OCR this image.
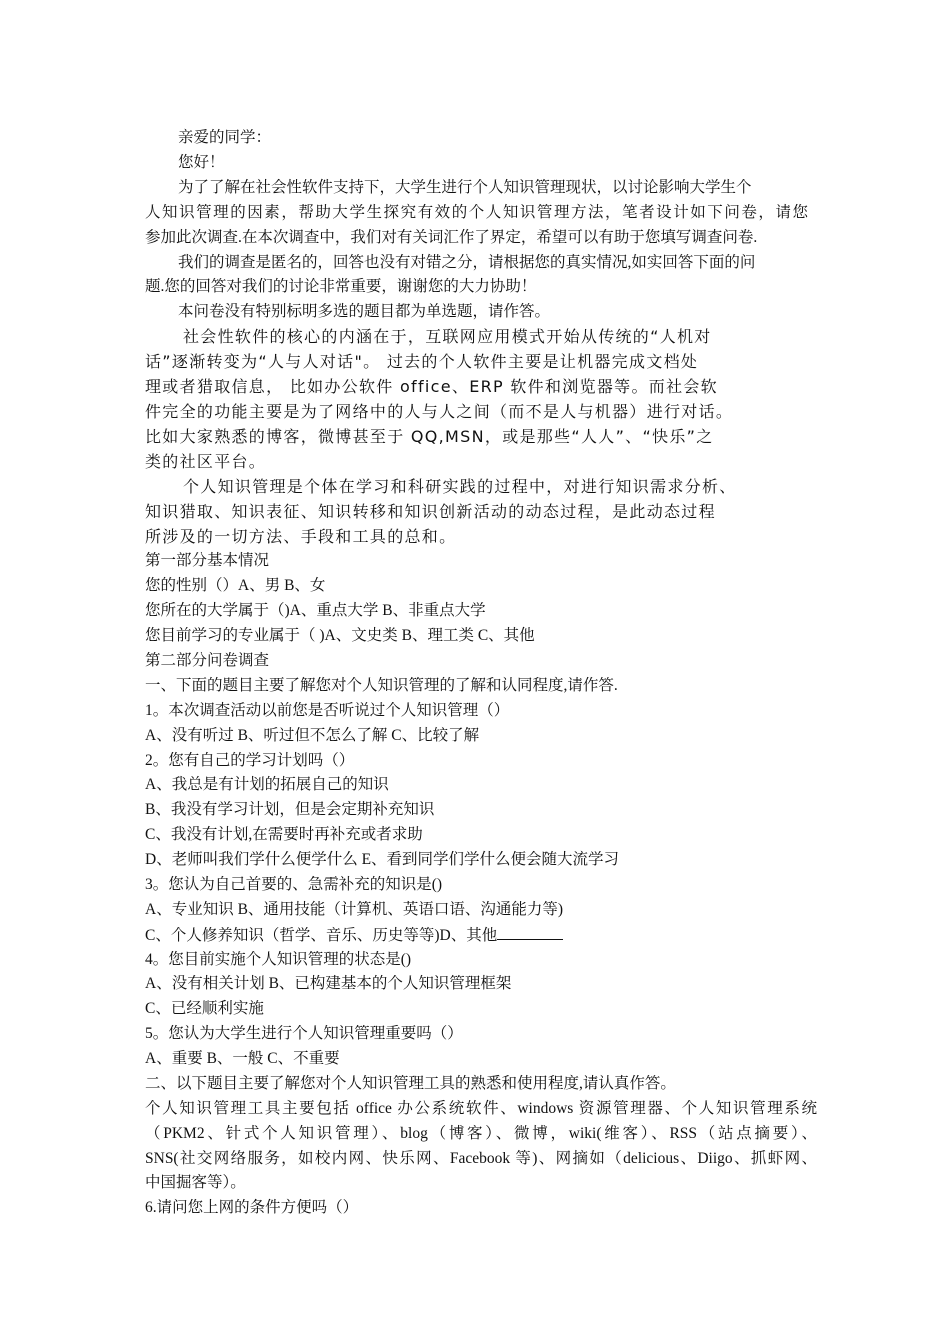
亲爱的同学：
您好！
为了了解在社会性软件支持下，大学生进行个人知识管理现状，以讨论影响大学生个
人知识管理的因素，帮助大学生探究有效的个人知识管理方法，笔者设计如下问卷，请您
参加此次调查.在本次调查中，我们对有关词汇作了界定，希望可以有助于您填写调查问卷.
我们的调查是匿名的，回答也没有对错之分，请根据您的真实情况,如实回答下面的问
题.您的回答对我们的讨论非常重要，谢谢您的大力协助！
本问卷没有特别标明多选的题目都为单选题，请作答。
社会性软件的核心的内涵在于，互联网应用模式开始从传统的“人机对
话”逐渐转变为“人与人对话"。 过去的个人软件主要是让机器完成文档处
理或者猎取信息， 比如办公软件 office、ERP 软件和浏览器等。而社会软
件完全的功能主要是为了网络中的人与人之间（而不是人与机器）进行对话。
比如大家熟悉的博客，微博甚至于 QQ,MSN，或是那些“人人”、“快乐”之
类的社区平台。
个人知识管理是个体在学习和科研实践的过程中，对进行知识需求分析、
知识猎取、知识表征、知识转移和知识创新活动的动态过程，是此动态过程
所涉及的一切方法、手段和工具的总和。
第一部分基本情况
您的性别（）A、男 B、女
您所在的大学属于（)A、重点大学 B、非重点大学
您目前学习的专业属于（ )A、文史类 B、理工类 C、其他
第二部分问卷调查
一、下面的题目主要了解您对个人知识管理的了解和认同程度,请作答.
1。本次调查活动以前您是否听说过个人知识管理（）
A、没有听过 B、听过但不怎么了解 C、比较了解
2。您有自己的学习计划吗（）
A、我总是有计划的拓展自己的知识
B、我没有学习计划，但是会定期补充知识
C、我没有计划,在需要时再补充或者求助
D、老师叫我们学什么便学什么 E、看到同学们学什么便会随大流学习
3。您认为自己首要的、急需补充的知识是()
A、专业知识 B、通用技能（计算机、英语口语、沟通能力等)
C、个人修养知识（哲学、音乐、历史等等)D、其他
4。您目前实施个人知识管理的状态是()
A、没有相关计划 B、已构建基本的个人知识管理框架
C、已经顺利实施
5。您认为大学生进行个人知识管理重要吗（）
A、重要 B、一般 C、不重要
二、以下题目主要了解您对个人知识管理工具的熟悉和使用程度,请认真作答。
个人知识管理工具主要包括 office 办公系统软件、windows 资源管理器、个人知识管理系统
（PKM2、针式个人知识管理）、blog（博客）、微博，wiki(维客）、RSS（站点摘要）、
SNS(社交网络服务，如校内网、快乐网、Facebook 等)、网摘如（delicious、Diigo、抓虾网、
中国掘客等）。
6.请问您上网的条件方便吗（）
